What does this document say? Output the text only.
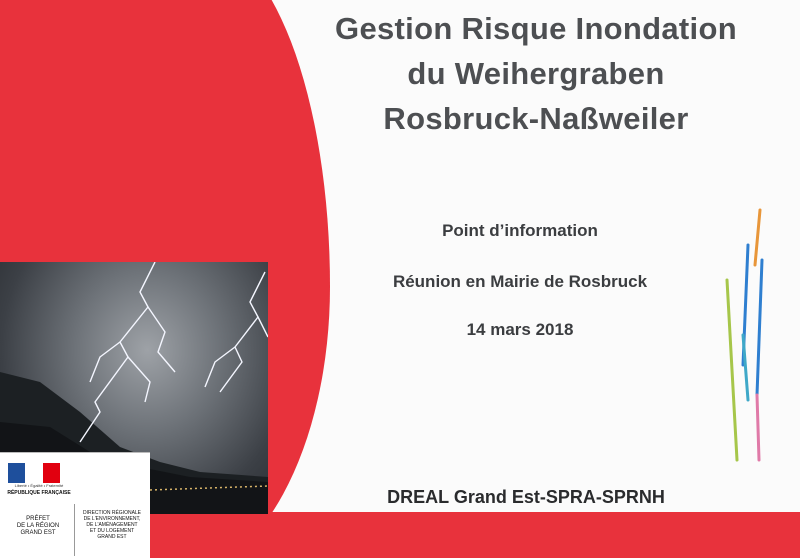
Liberté • Égalité • Fraternité
RÉPUBLIQUE FRANÇAISE
PRÉFET
DE LA RÉGION
GRAND EST
DIRECTION RÉGIONALE
DE L'ENVIRONNEMENT,
DE L'AMÉNAGEMENT
ET DU LOGEMENT
GRAND EST
Gestion Risque Inondation
du Weihergraben
Rosbruck-Naßweiler
Point d’information
Réunion en Mairie de Rosbruck
14 mars 2018
DREAL Grand Est-SPRA-SPRNH
